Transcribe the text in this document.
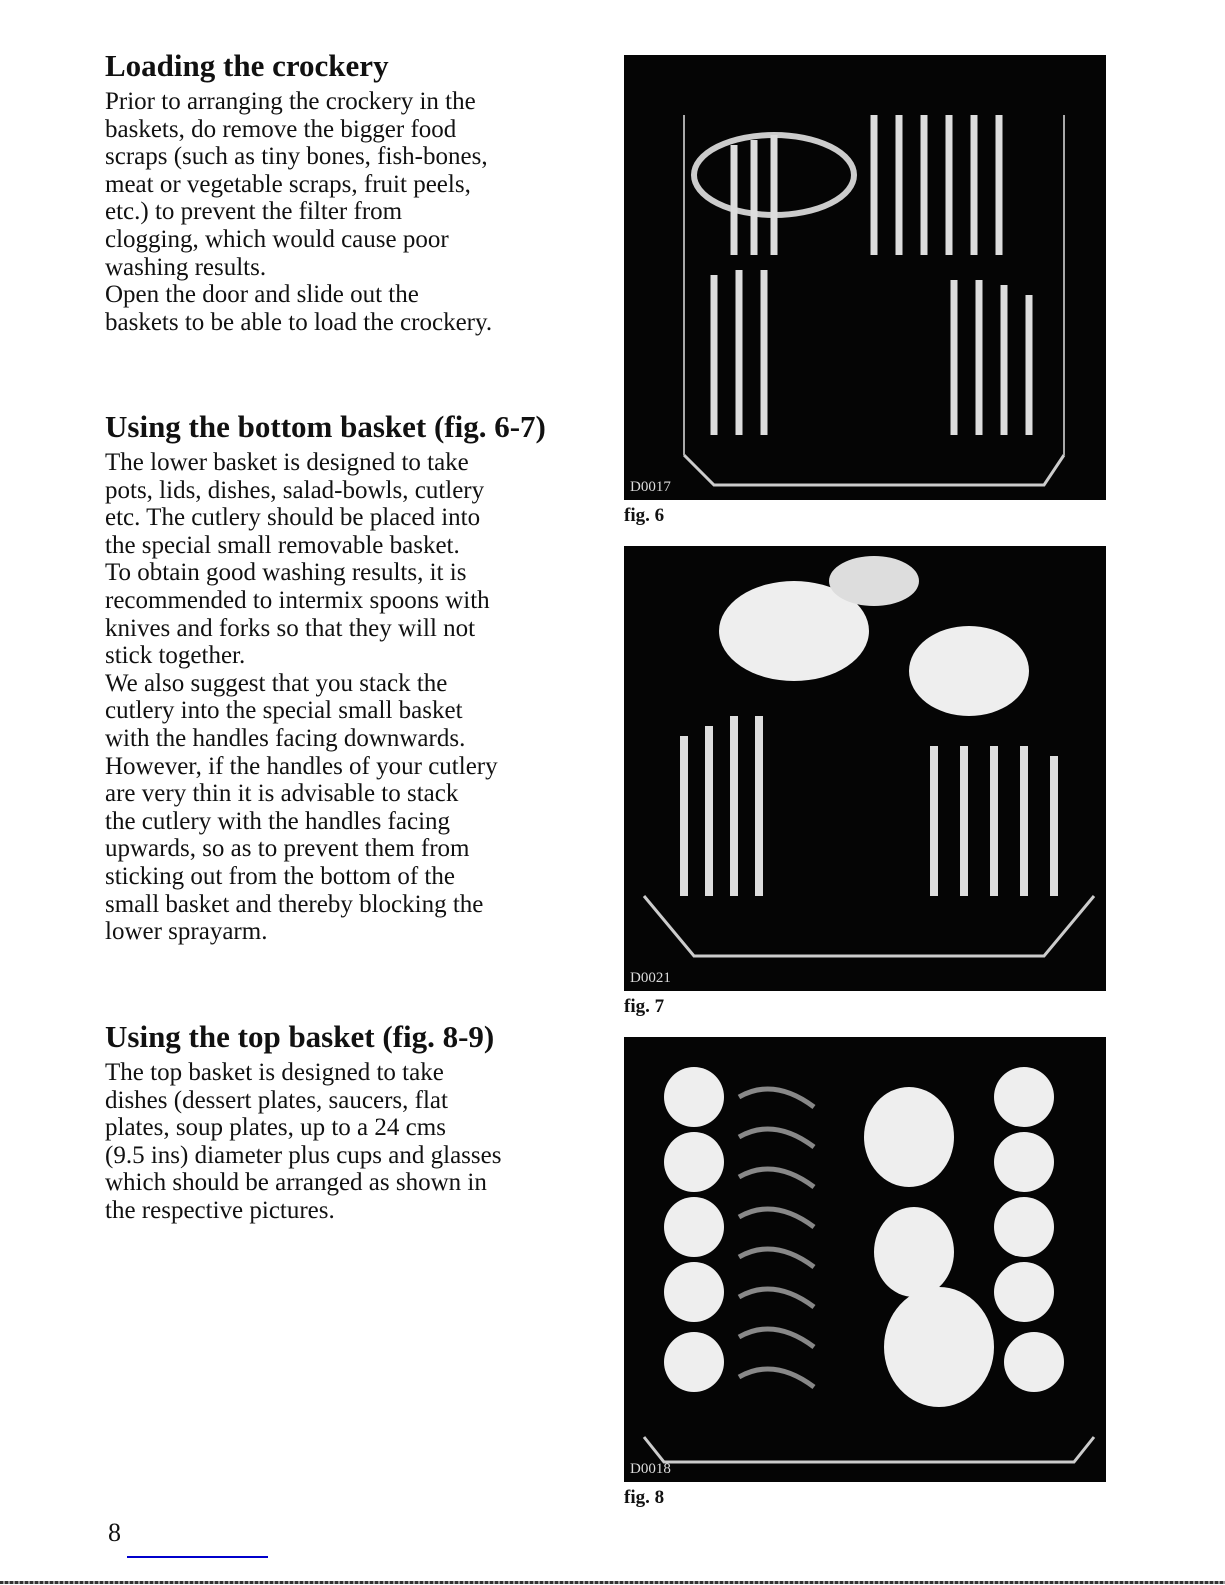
Loading the crockery
Prior to arranging the crockery in the
baskets, do remove the bigger food
scraps (such as tiny bones, fish-bones,
meat or vegetable scraps, fruit peels,
etc.) to prevent the filter from
clogging, which would cause poor
washing results.
Open the door and slide out the
baskets to be able to load the crockery.
Using the bottom basket (fig. 6-7)
The lower basket is designed to take
pots, lids, dishes, salad-bowls, cutlery
etc. The cutlery should be placed into
the special small removable basket.
To obtain good washing results, it is
recommended to intermix spoons with
knives and forks so that they will not
stick together.
We also suggest that you stack the
cutlery into the special small basket
with the handles facing downwards.
However, if the handles of your cutlery
are very thin it is advisable to stack
the cutlery with the handles facing
upwards, so as to prevent them from
sticking out from the bottom of the
small basket and thereby blocking the
lower sprayarm.
Using the top basket (fig. 8-9)
The top basket is designed to take
dishes (dessert plates, saucers, flat
plates, soup plates, up to a 24 cms
(9.5 ins) diameter plus cups and glasses
which should be arranged as shown in
the respective pictures.
D0017
fig. 6
D0021
fig. 7
D0018
fig. 8
8
